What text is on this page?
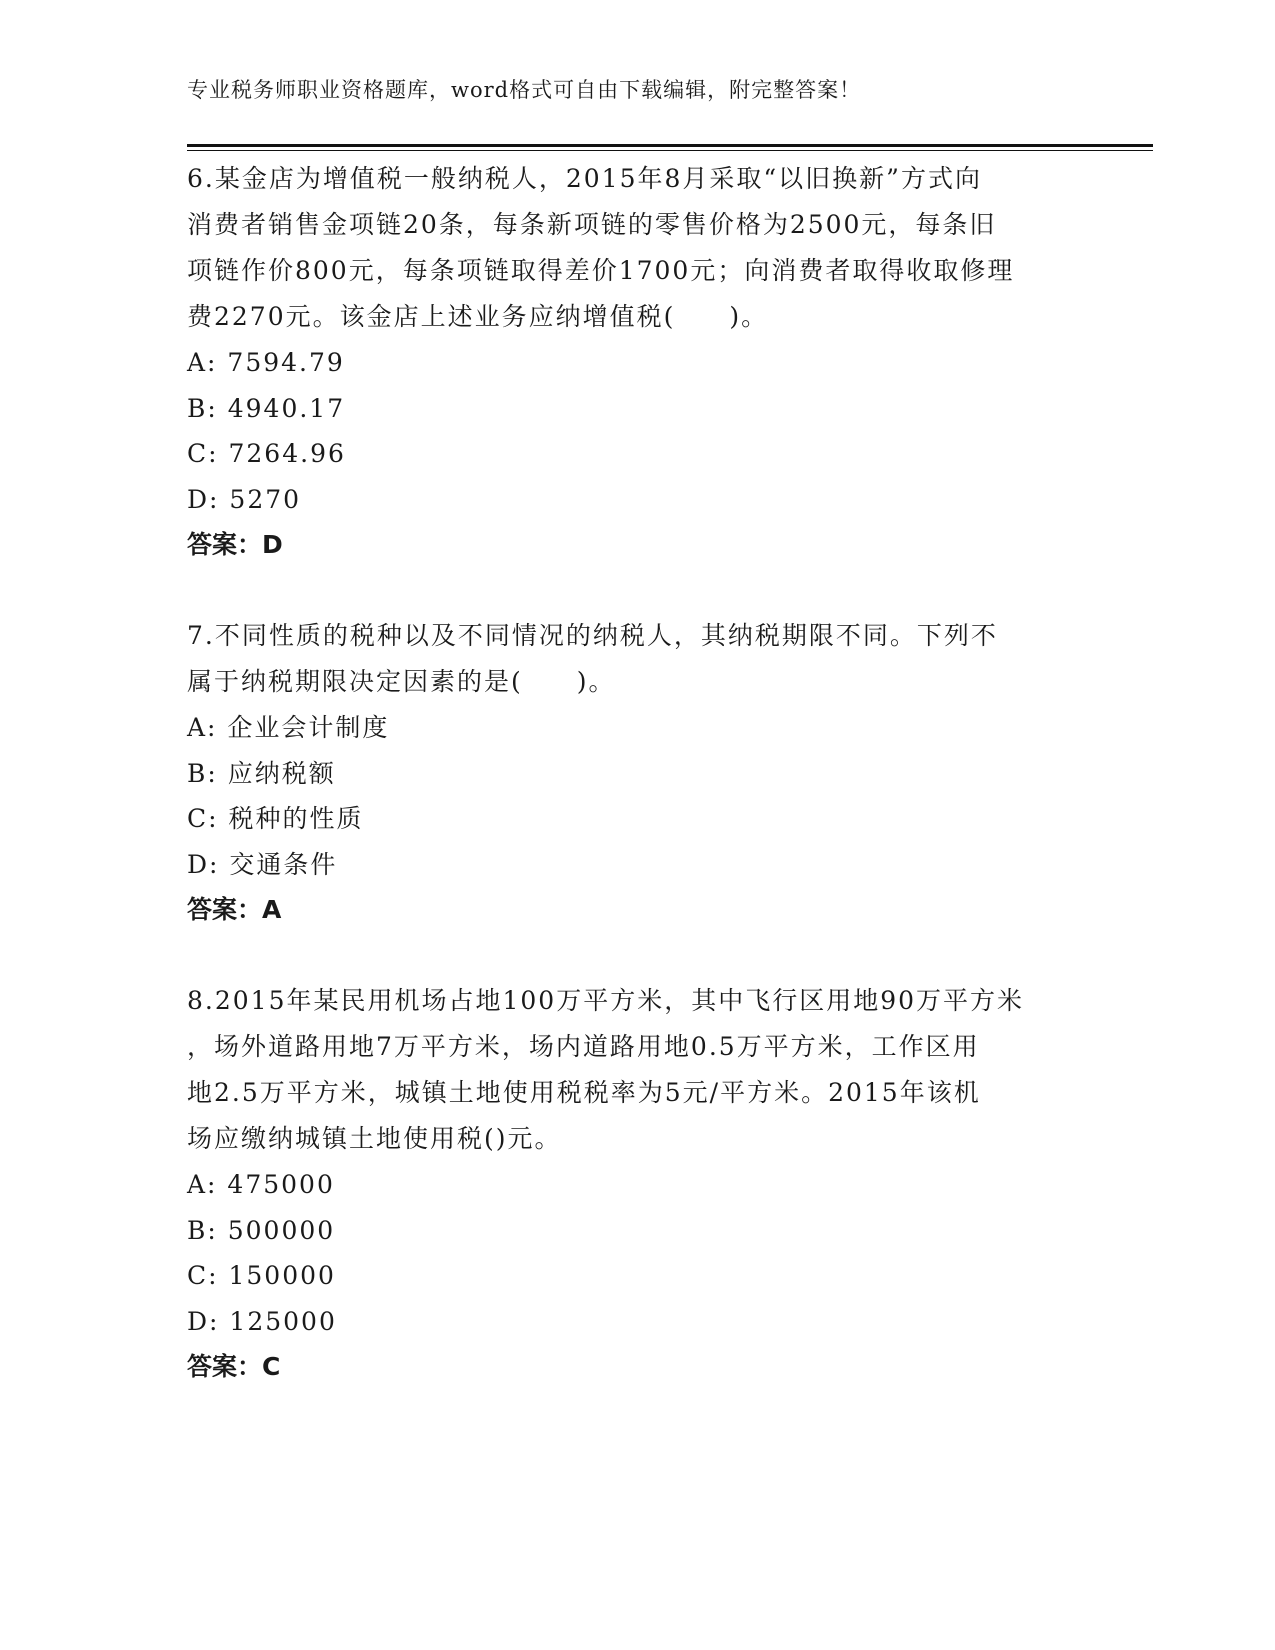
专业税务师职业资格题库，word格式可自由下载编辑，附完整答案！

6.某金店为增值税一般纳税人，2015年8月采取“以旧换新”方式向

消费者销售金项链20条，每条新项链的零售价格为2500元，每条旧

项链作价800元，每条项链取得差价1700元；向消费者取得收取修理

费2270元。该金店上述业务应纳增值税(　　)。

A: 7594.79

B: 4940.17

C: 7264.96

D: 5270

答案：D

7.不同性质的税种以及不同情况的纳税人，其纳税期限不同。下列不

属于纳税期限决定因素的是(　　)。

A: 企业会计制度

B: 应纳税额

C: 税种的性质

D: 交通条件

答案：A

8.2015年某民用机场占地100万平方米，其中飞行区用地90万平方米

，场外道路用地7万平方米，场内道路用地0.5万平方米，工作区用

地2.5万平方米，城镇土地使用税税率为5元/平方米。2015年该机

场应缴纳城镇土地使用税()元。

A: 475000

B: 500000

C: 150000

D: 125000

答案：C
